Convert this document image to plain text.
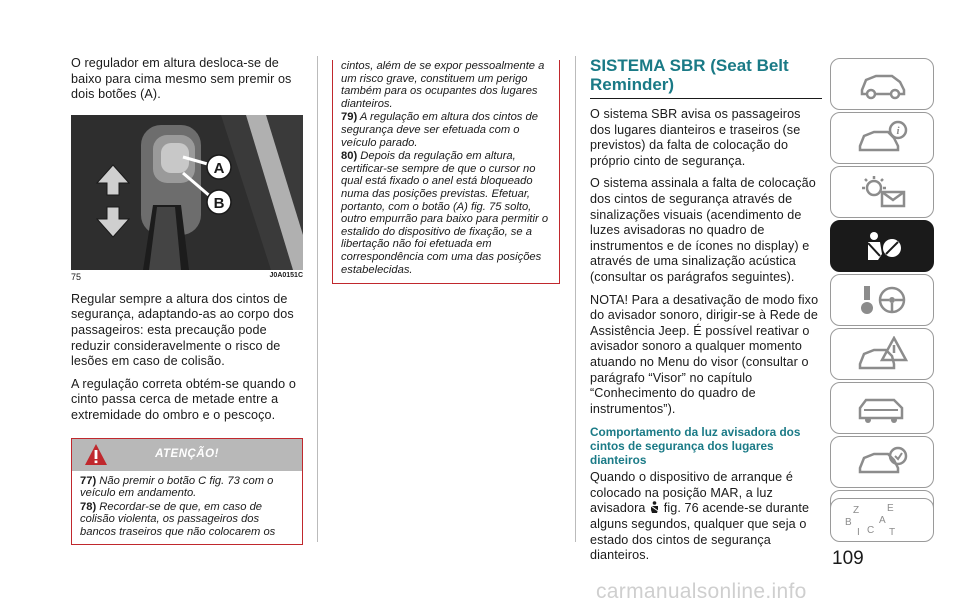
O regulador em altura desloca-se de baixo para cima mesmo sem premir os dois botões (A).

A
B
75	J0A0151C

Regular sempre a altura dos cintos de segurança, adaptando-as ao corpo dos passageiros: esta precaução pode reduzir consideravelmente o risco de lesões em caso de colisão.

A regulação correta obtém-se quando o cinto passa cerca de metade entre a extremidade do ombro e o pescoço.

ATENÇÃO!

77) Não premir o botão C fig. 73 com o veículo em andamento.

78) Recordar-se de que, em caso de colisão violenta, os passageiros dos bancos traseiros que não colocarem os

cintos, além de se expor pessoalmente a um risco grave, constituem um perigo também para os ocupantes dos lugares dianteiros.

79) A regulação em altura dos cintos de segurança deve ser efetuada com o veículo parado.

80) Depois da regulação em altura, certificar-se sempre de que o cursor no qual está fixado o anel está bloqueado numa das posições previstas. Efetuar, portanto, com o botão (A) fig. 75 solto, outro empurrão para baixo para permitir o estalido do dispositivo de fixação, se a libertação não foi efetuada em correspondência com uma das posições estabelecidas.

SISTEMA SBR (Seat Belt Reminder)

O sistema SBR avisa os passageiros dos lugares dianteiros e traseiros (se previstos) da falta de colocação do próprio cinto de segurança.

O sistema assinala a falta de colocação dos cintos de segurança através de sinalizações visuais (acendimento de luzes avisadoras no quadro de instrumentos e de ícones no display) e através de uma sinalização acústica (consultar os parágrafos seguintes).

NOTA! Para a desativação de modo fixo do avisador sonoro, dirigir-se à Rede de Assistência Jeep. É possível reativar o avisador sonoro a qualquer momento atuando no Menu do visor (consultar o parágrafo “Visor” no capítulo “Conhecimento do quadro de instrumentos”).

Comportamento da luz avisadora dos cintos de segurança dos lugares dianteiros

Quando o dispositivo de arranque é colocado na posição MAR, a luz avisadora fig. 76 acende-se durante alguns segundos, qualquer que seja o estado dos cintos de segurança dianteiros.

i
Z	E
B	A
I C T
109
carmanualsonline.info
